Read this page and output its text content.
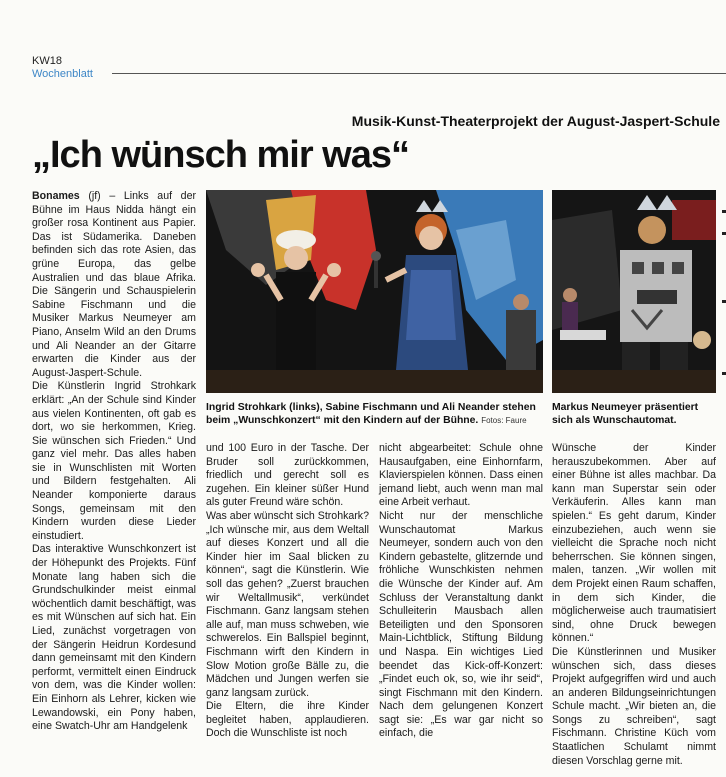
KW18
Wochenblatt
Musik-Kunst-Theaterprojekt der August-Jaspert-Schule
„Ich wünsch mir was“

Bonames (jf) – Links auf der Bühne im Haus Nidda hängt ein großer rosa Kontinent aus Papier. Das ist Südamerika. Daneben befinden sich das rote Asien, das grüne Europa, das gelbe Australien und das blaue Afrika. Die Sängerin und Schauspielerin Sabine Fischmann und die Musiker Markus Neumeyer am Piano, Anselm Wild an den Drums und Ali Neander an der Gitarre erwarten die Kinder aus der August-Jaspert-Schule.

Die Künstlerin Ingrid Strohkark erklärt: „An der Schule sind Kinder aus vielen Kontinenten, oft gab es dort, wo sie herkommen, Krieg. Sie wünschen sich Frieden.“ Und ganz viel mehr. Das alles haben sie in Wunschlisten mit Worten und Bildern festgehalten. Ali Neander komponierte daraus Songs, gemeinsam mit den Kindern wurden diese Lieder einstudiert.

Das interaktive Wunschkonzert ist der Höhepunkt des Projekts. Fünf Monate lang haben sich die Grundschulkinder meist einmal wöchentlich damit beschäftigt, was es mit Wünschen auf sich hat. Ein Lied, zunächst vorgetragen von der Sängerin Heidrun Kordesund dann gemeinsamt mit den Kindern performt, vermittelt einen Eindruck von dem, was die Kinder wollen: Ein Einhorn als Lehrer, kicken wie Lewandowski, ein Pony haben, eine Swatch-Uhr am Handgelenk

Ingrid Strohkark (links), Sabine Fischmann und Ali Neander stehen beim „Wunschkonzert“ mit den Kindern auf der Bühne. Fotos: Faure
Markus Neumeyer präsentiert sich als Wunschautomat.

und 100 Euro in der Tasche. Der Bruder soll zurückkommen, friedlich und gerecht soll es zugehen. Ein kleiner süßer Hund als guter Freund wäre schön.

Was aber wünscht sich Strohkark? „Ich wünsche mir, aus dem Weltall auf dieses Konzert und all die Kinder hier im Saal blicken zu können“, sagt die Künstlerin. Wie soll das gehen? „Zuerst brauchen wir Weltallmusik“, verkündet Fischmann. Ganz langsam stehen alle auf, man muss schweben, wie schwerelos. Ein Ballspiel beginnt, Fischmann wirft den Kindern in Slow Motion große Bälle zu, die Mädchen und Jungen werfen sie ganz langsam zurück.

Die Eltern, die ihre Kinder begleitet haben, applaudieren. Doch die Wunschliste ist noch

nicht abgearbeitet: Schule ohne Hausaufgaben, eine Einhornfarm, Klavierspielen können. Dass einen jemand liebt, auch wenn man mal eine Arbeit verhaut.

Nicht nur der menschliche Wunschautomat Markus Neumeyer, sondern auch von den Kindern gebastelte, glitzernde und fröhliche Wunschkisten nehmen die Wünsche der Kinder auf. Am Schluss der Veranstaltung dankt Schulleiterin Mausbach allen Beteiligten und den Sponsoren Main-Lichtblick, Stiftung Bildung und Naspa. Ein wichtiges Lied beendet das Kick-off-Konzert: „Findet euch ok, so, wie ihr seid“, singt Fischmann mit den Kindern. Nach dem gelungenen Konzert sagt sie: „Es war gar nicht so einfach, die

Wünsche der Kinder herauszubekommen. Aber auf einer Bühne ist alles machbar. Da kann man Superstar sein oder Verkäuferin. Alles kann man spielen.“ Es geht darum, Kinder einzubeziehen, auch wenn sie vielleicht die Sprache noch nicht beherrschen. Sie können singen, malen, tanzen. „Wir wollen mit dem Projekt einen Raum schaffen, in dem sich Kinder, die möglicherweise auch traumatisiert sind, ohne Druck bewegen können.“

Die Künstlerinnen und Musiker wünschen sich, dass dieses Projekt aufgegriffen wird und auch an anderen Bildungseinrichtungen Schule macht. „Wir bieten an, die Songs zu schreiben“, sagt Fischmann. Christine Küch vom Staatlichen Schulamt nimmt diesen Vorschlag gerne mit.
